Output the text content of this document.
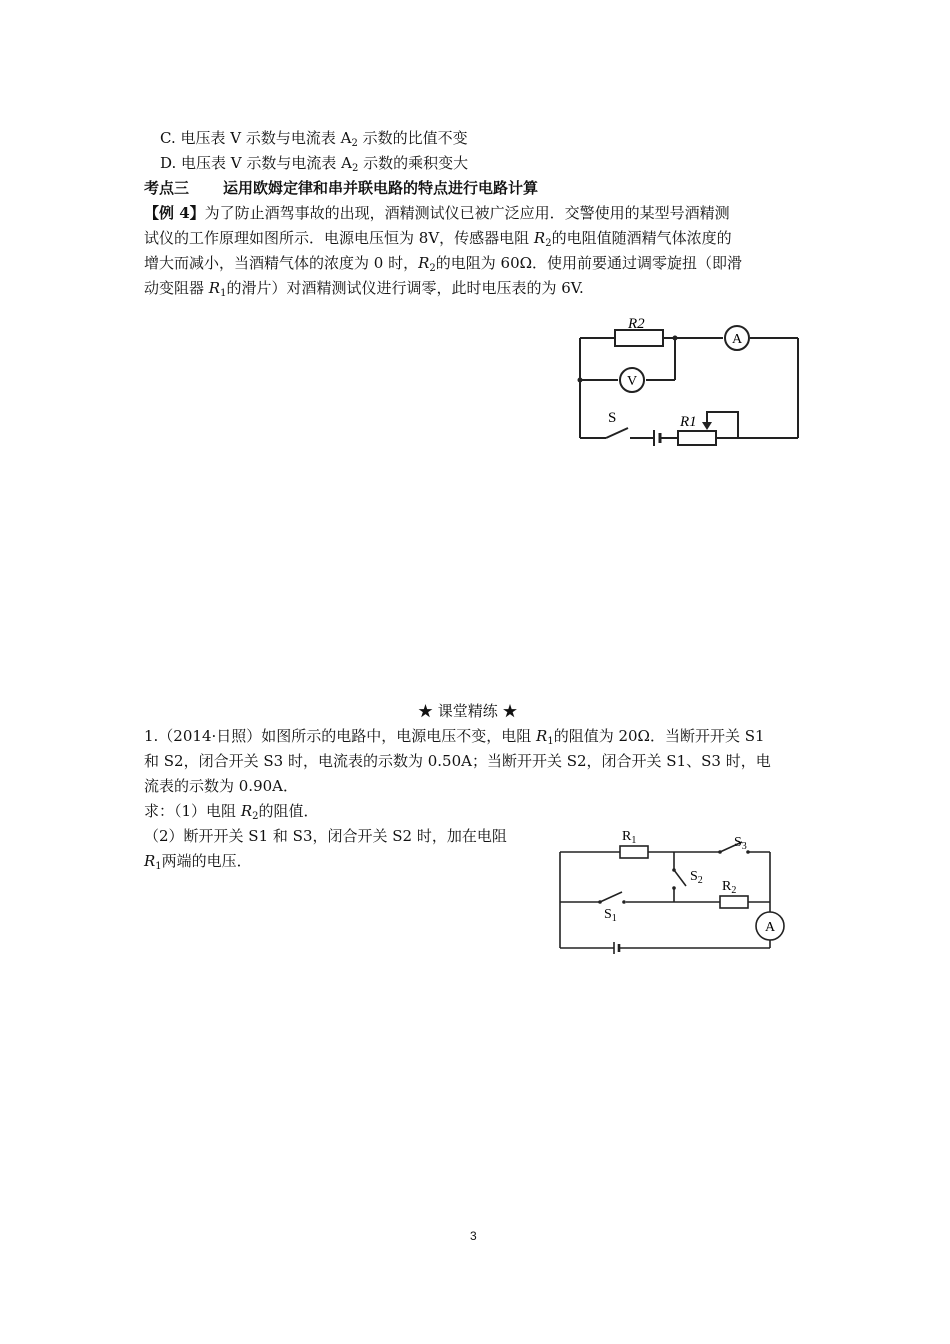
C. 电压表 V 示数与电流表 $A_2$ 示数的比值不变
D. 电压表 V 示数与电流表 $A_2$ 示数的乘积变大
考点三 运用欧姆定律和串并联电路的特点进行电路计算
【例 4】为了防止酒驾事故的出现，酒精测试仪已被广泛应用．交警使用的某型号酒精测
试仪的工作原理如图所示．电源电压恒为 8V，传感器电阻 $R_2$的电阻值随酒精气体浓度的
增大而减小，当酒精气体的浓度为 0 时，$R_2$的电阻为 60Ω．使用前要通过调零旋扭（即滑
动变阻器 $R_1$的滑片）对酒精测试仪进行调零，此时电压表的为 6V.
R2
A
V
S	R1
★ 课堂精练 ★
1.（2014·日照）如图所示的电路中，电源电压不变，电阻 $R_1$的阻值为 20Ω．当断开开关 S1
和 S2，闭合开关 S3 时，电流表的示数为 0.50A；当断开开关 S2，闭合开关 S1、S3 时，电
流表的示数为 0.90A．
求：（1）电阻 $R_2$的阻值．
（2）断开开关 S1 和 S3，闭合开关 S2 时，加在电阻
$R_1$两端的电压．
$R_1$	$S_3$
$S_2$ $R_2$
$S_1$
A
3
